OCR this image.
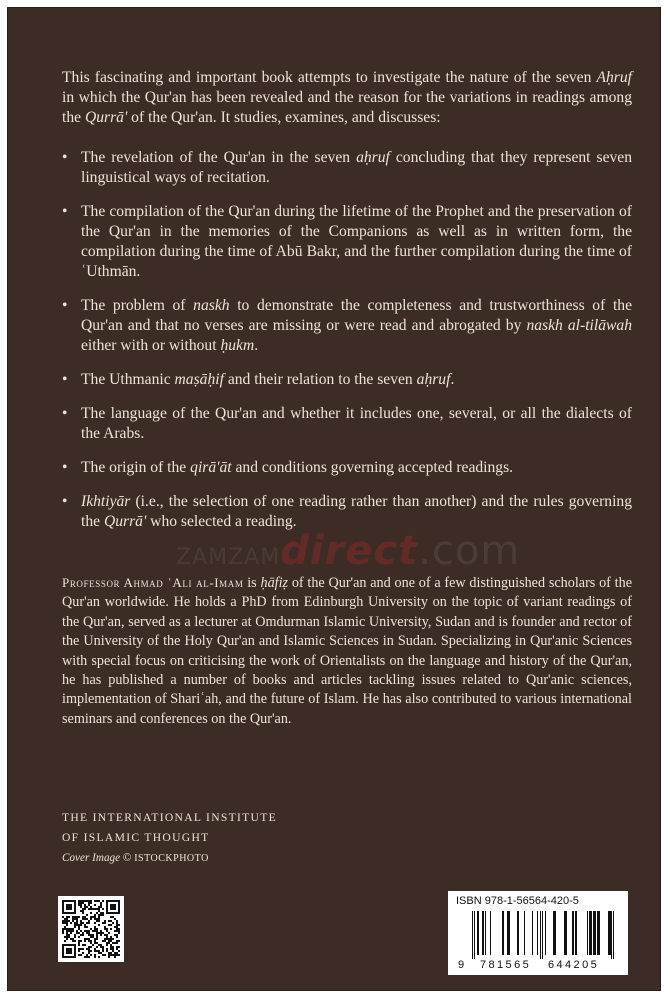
This fascinating and important book attempts to investigate the nature of the seven Aḥruf in which the Qur'an has been revealed and the reason for the variations in readings among the Qurrā' of the Qur'an. It studies, examines, and discusses:
• The revelation of the Qur'an in the seven aḥruf concluding that they represent seven linguistical ways of recitation.
• The compilation of the Qur'an during the lifetime of the Prophet and the preservation of the Qur'an in the memories of the Companions as well as in written form, the compilation during the time of Abū Bakr, and the further compilation during the time of ʿUthmān.
• The problem of naskh to demonstrate the completeness and trustworthiness of the Qur'an and that no verses are missing or were read and abrogated by naskh al-tilāwah either with or without ḥukm.
• The Uthmanic maṣāḥif and their relation to the seven aḥruf.
• The language of the Qur'an and whether it includes one, several, or all the dialects of the Arabs.
• The origin of the qirā'āt and conditions governing accepted readings.
• Ikhtiyār (i.e., the selection of one reading rather than another) and the rules governing the Qurrā' who selected a reading.
ZAMZAMdirect.com
Professor Ahmad ʿAli al-Imam is ḥāfiẓ of the Qur'an and one of a few distinguished scholars of the Qur'an worldwide. He holds a PhD from Edinburgh University on the topic of variant readings of the Qur'an, served as a lecturer at Omdurman Islamic University, Sudan and is founder and rector of the University of the Holy Qur'an and Islamic Sciences in Sudan. Specializing in Qur'anic Sciences with special focus on criticising the work of Orientalists on the language and history of the Qur'an, he has published a number of books and articles tackling issues related to Qur'anic sciences, implementation of Shariʿah, and the future of Islam. He has also contributed to various international seminars and conferences on the Qur'an.
THE INTERNATIONAL INSTITUTE
OF ISLAMIC THOUGHT
Cover Image © ISTOCKPHOTO
ISBN 978-1-56564-420-5
9 781565 644205
